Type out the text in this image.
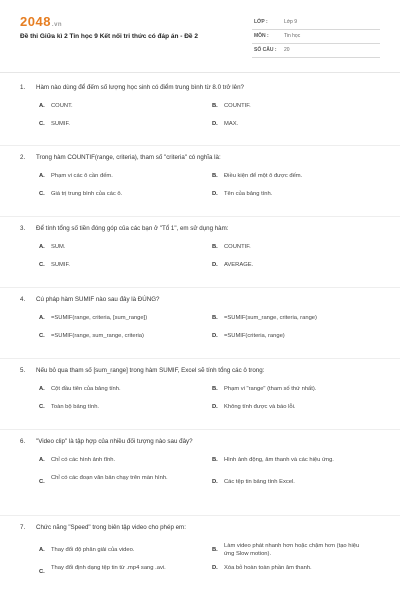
2048.vn
Đề thi Giữa kì 2 Tin học 9 Kết nối tri thức có đáp án - Đề 2
LỚP :	Lớp 9
MÔN :	Tin học
SỐ CÂU : 20
1. Hàm nào dùng để đếm số lượng học sinh có điểm trung bình từ 8.0 trở lên?
A. COUNT.	B. COUNTIF.
C. SUMIF.	D. MAX.
2. Trong hàm COUNTIF(range, criteria), tham số "criteria" có nghĩa là:
A. Phạm vi các ô cần đếm.	B. Điều kiện để một ô được đếm.
C. Giá trị trung bình của các ô.	D. Tên của bảng tính.
3. Để tính tổng số tiền đóng góp của các bạn ở "Tổ 1", em sử dụng hàm:
A. SUM.	B. COUNTIF.
C. SUMIF.	D. AVERAGE.
4. Cú pháp hàm SUMIF nào sau đây là ĐÚNG?
A. =SUMIF(range, criteria, [sum_range])	B. =SUMIF(sum_range, criteria, range)
C. =SUMIF(range, sum_range, criteria)	D. =SUMIF(criteria, range)
5. Nếu bỏ qua tham số [sum_range] trong hàm SUMIF, Excel sẽ tính tổng các ô trong:
A. Cột đầu tiên của bảng tính.	B. Phạm vi "range" (tham số thứ nhất).
C. Toàn bộ bảng tính.	D. Không tính được và báo lỗi.
6. "Video clip" là tập hợp của nhiều đối tượng nào sau đây?
A. Chỉ có các hình ảnh tĩnh.	B. Hình ảnh động, âm thanh và các hiệu ứng.
C.
Chỉ có các đoạn văn bản chạy trên màn hình.
D. Các tệp tin bảng tính Excel.
7. Chức năng "Speed" trong biên tập video cho phép em:
A. Thay đổi độ phân giải của video.	B.
Làm video phát nhanh hơn hoặc chậm hơn (tạo hiệu ứng Slow motion).
C.
Thay đổi định dạng tệp tin từ .mp4 sang .avi.	D. Xóa bỏ hoàn toàn phần âm thanh.
